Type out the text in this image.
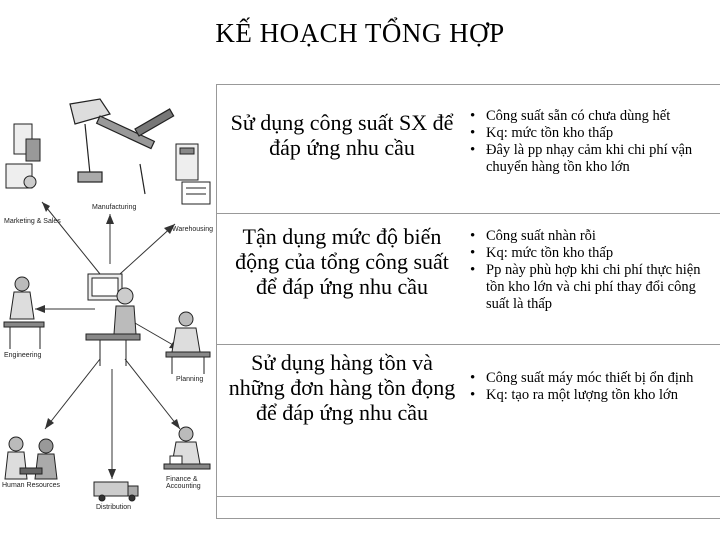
KẾ HOẠCH TỔNG HỢP
Marketing & Sales
Manufacturing
Warehousing
Engineering
Planning
Human Resources
Distribution
Finance & Accounting
Sử dụng công suất SX để đáp ứng nhu cầu
• Công suất sẵn có chưa dùng hết
• Kq: mức tồn kho thấp
• Đây là pp nhạy cảm khi chi phí vận chuyển hàng tồn kho lớn
Tận dụng mức độ biến động của tổng công suất để đáp ứng nhu cầu
• Công suất nhàn rỗi
• Kq: mức tồn kho thấp
• Pp này phù hợp khi chi phí thực hiện tồn kho lớn và chi phí thay đổi công suất là thấp
Sử dụng hàng tồn và những đơn hàng tồn đọng để đáp ứng nhu cầu
• Công suất máy móc thiết bị ổn định
• Kq: tạo ra một lượng tồn kho lớn
